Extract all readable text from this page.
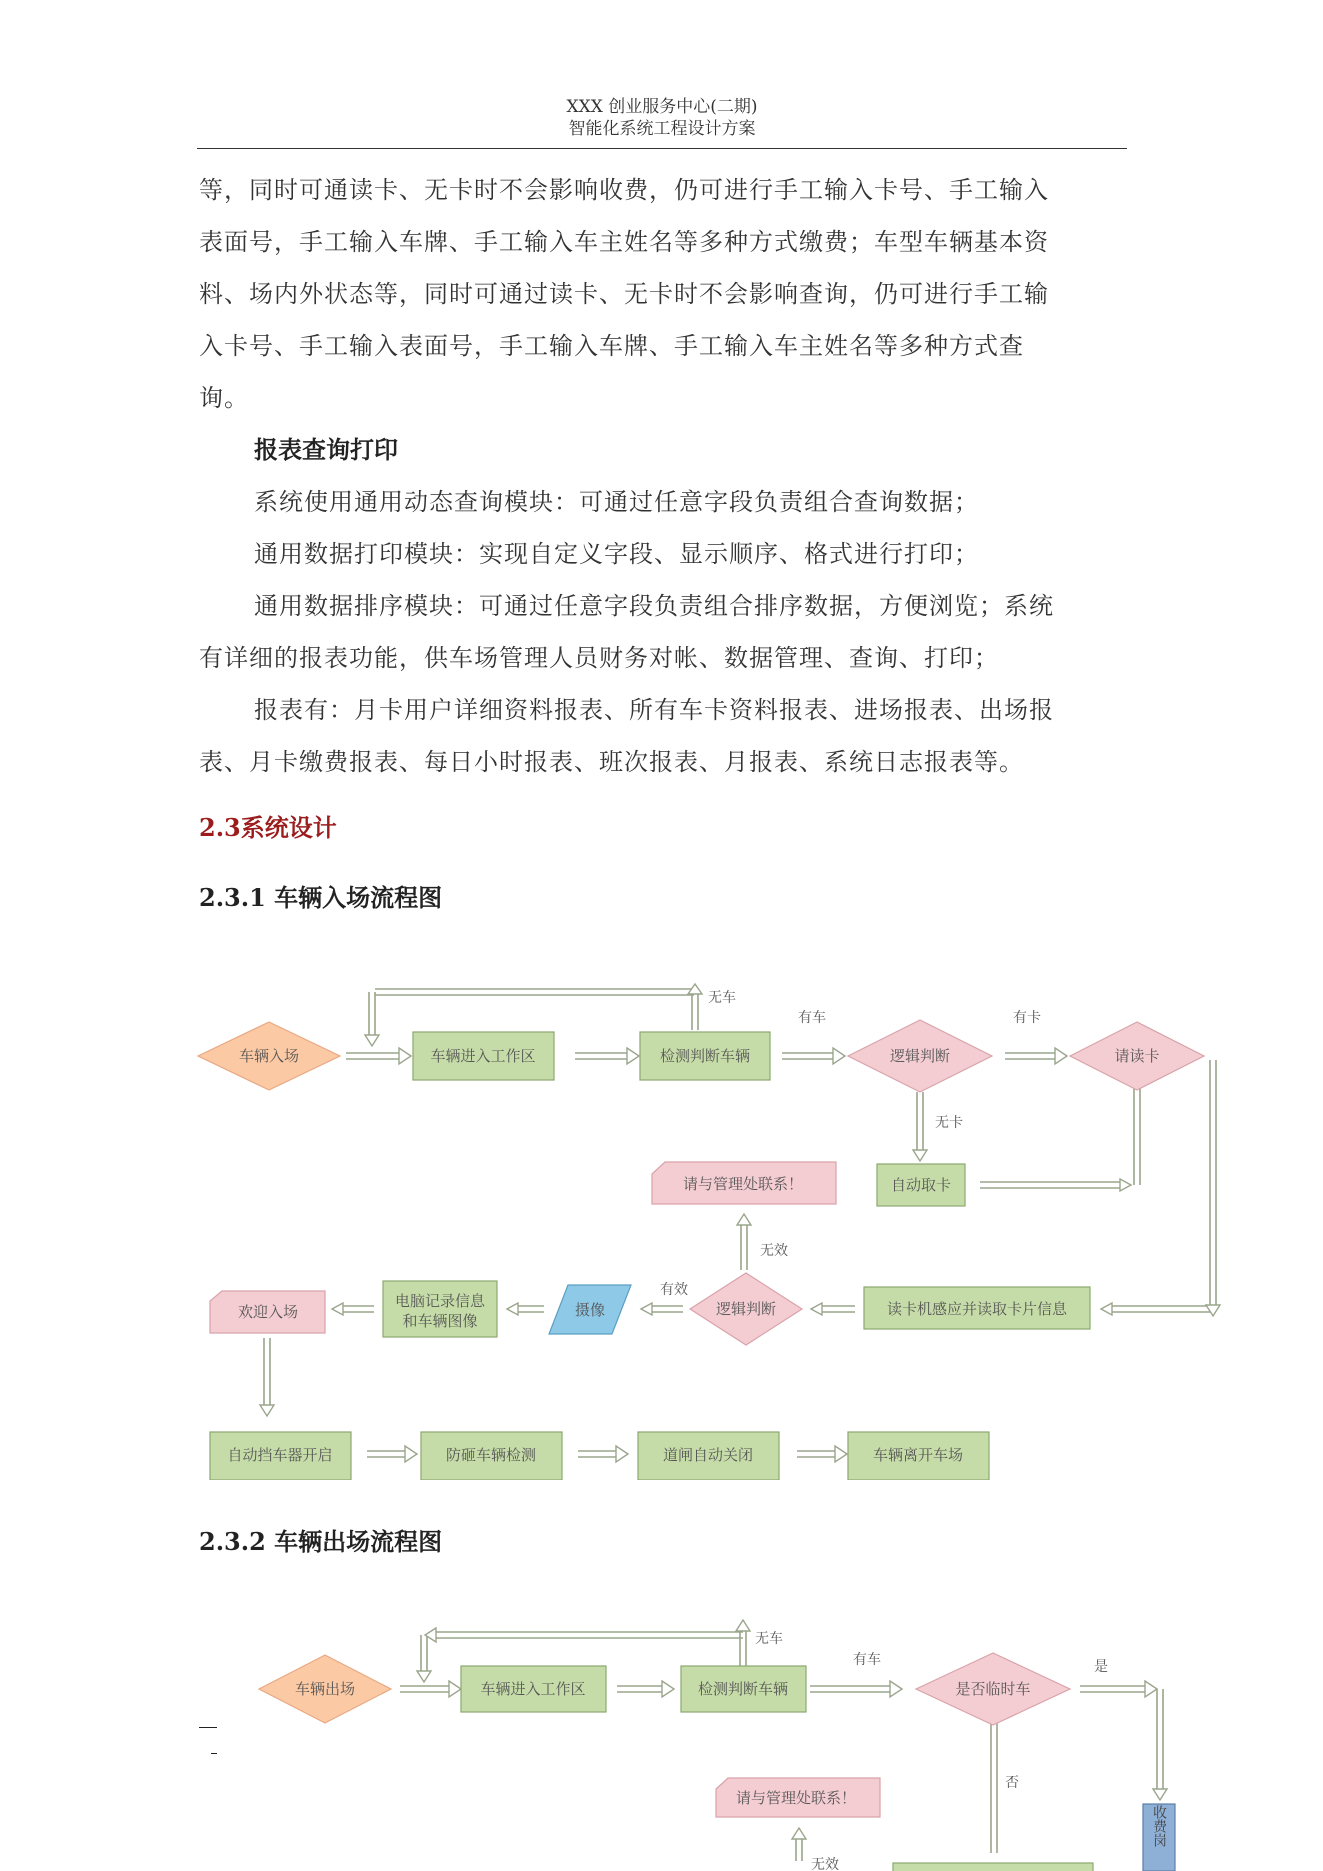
XXX 创业服务中心(二期)
智能化系统工程设计方案
等，同时可通读卡、无卡时不会影响收费，仍可进行手工输入卡号、手工输入
表面号，手工输入车牌、手工输入车主姓名等多种方式缴费；车型车辆基本资
料、场内外状态等，同时可通过读卡、无卡时不会影响查询，仍可进行手工输
入卡号、手工输入表面号，手工输入车牌、手工输入车主姓名等多种方式查
询。
报表查询打印
系统使用通用动态查询模块：可通过任意字段负责组合查询数据；
通用数据打印模块：实现自定义字段、显示顺序、格式进行打印；
通用数据排序模块：可通过任意字段负责组合排序数据，方便浏览；系统
有详细的报表功能，供车场管理人员财务对帐、数据管理、查询、打印；
报表有：月卡用户详细资料报表、所有车卡资料报表、进场报表、出场报
表、月卡缴费报表、每日小时报表、班次报表、月报表、系统日志报表等。
2.3系统设计
2.3.1 车辆入场流程图
车辆入场	车辆进入工作区	检测判断车辆	逻辑判断	请读卡
无车
有车	有卡
无卡
自动取卡
请与管理处联系！
无效
有效
读卡机感应并读取卡片信息
逻辑判断
摄像
电脑记录信息
和车辆图像
欢迎入场
自动挡车器开启	防砸车辆检测	道闸自动关闭	车辆离开车场
2.3.2 车辆出场流程图
车辆出场	车辆进入工作区	检测判断车辆	是否临时车
请与管理处联系！
收费岗
无车
有车	是
否
无效
